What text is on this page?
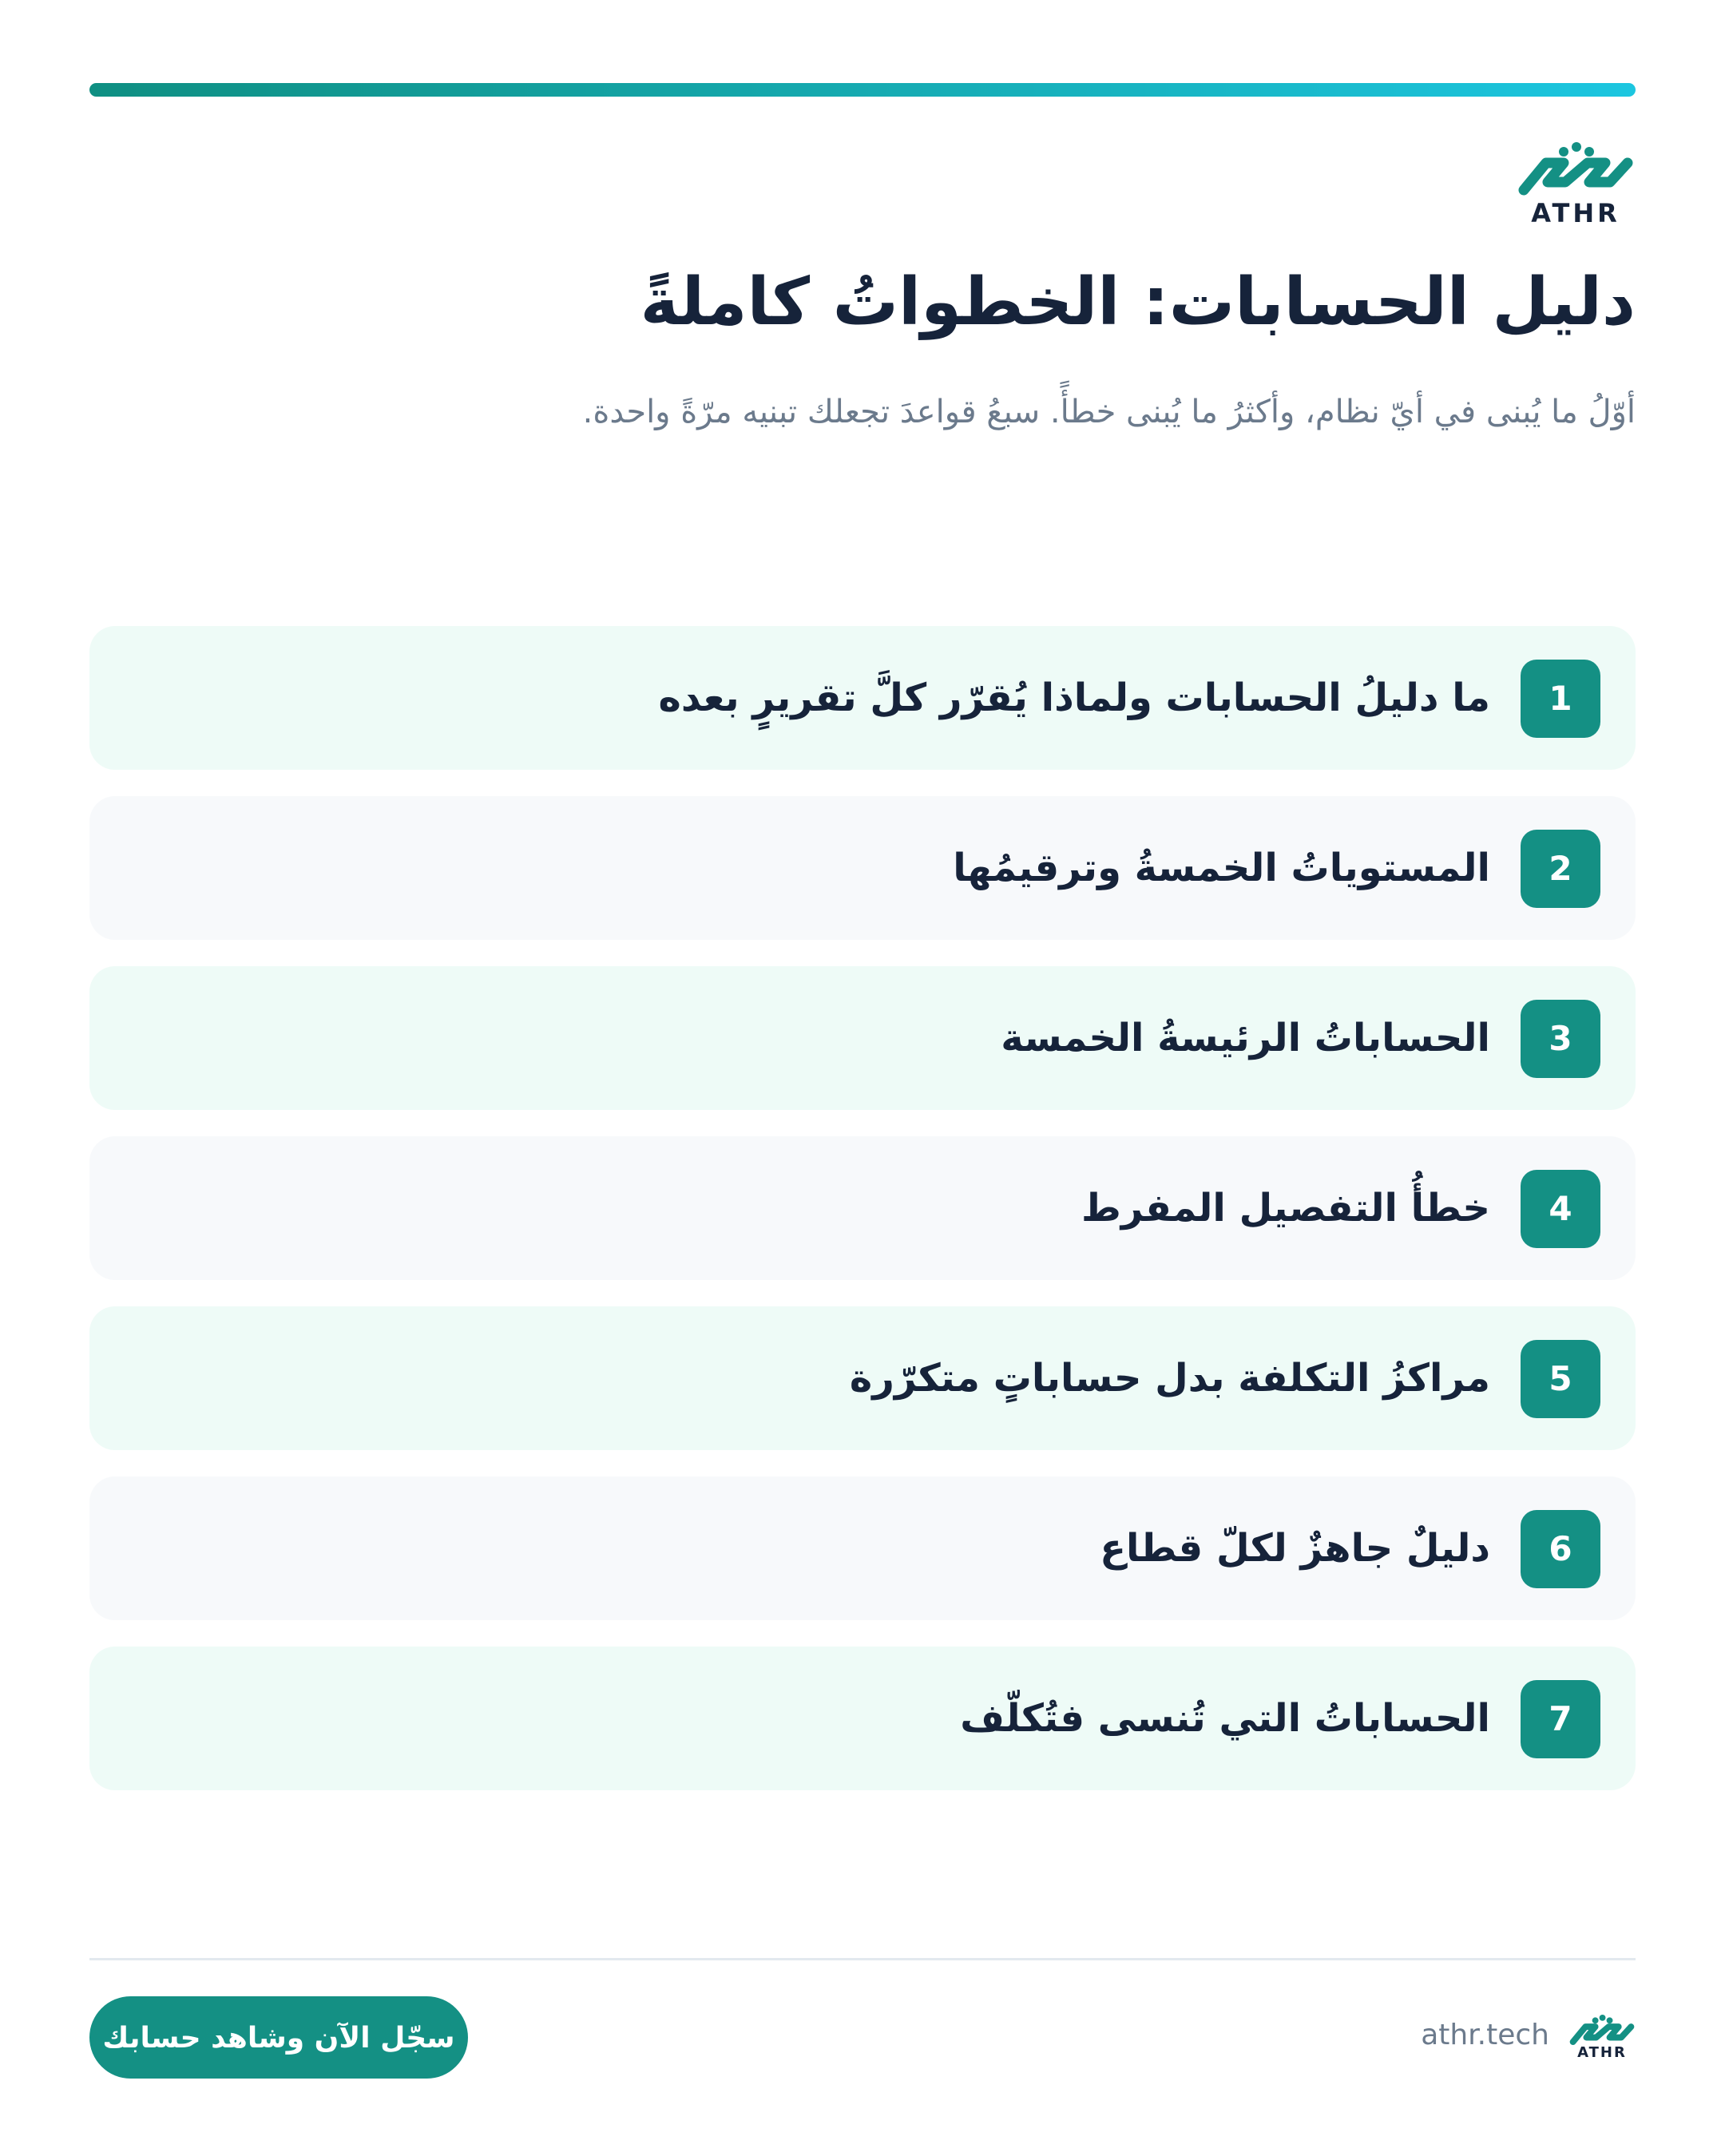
ATHR
دليل الحسابات: الخطواتُ كاملةً

أوّلُ ما يُبنى في أيّ نظام، وأكثرُ ما يُبنى خطأً. سبعُ قواعدَ تجعلك تبنيه مرّةً واحدة.

1
ما دليلُ الحسابات ولماذا يُقرّر كلَّ تقريرٍ بعده
2
المستوياتُ الخمسةُ وترقيمُها
3
الحساباتُ الرئيسةُ الخمسة
4
خطأُ التفصيل المفرط
5
مراكزُ التكلفة بدل حساباتٍ متكرّرة
6
دليلٌ جاهزٌ لكلّ قطاع
7
الحساباتُ التي تُنسى فتُكلّف
سجّل الآن وشاهد حسابك	athr.tech
ATHR
